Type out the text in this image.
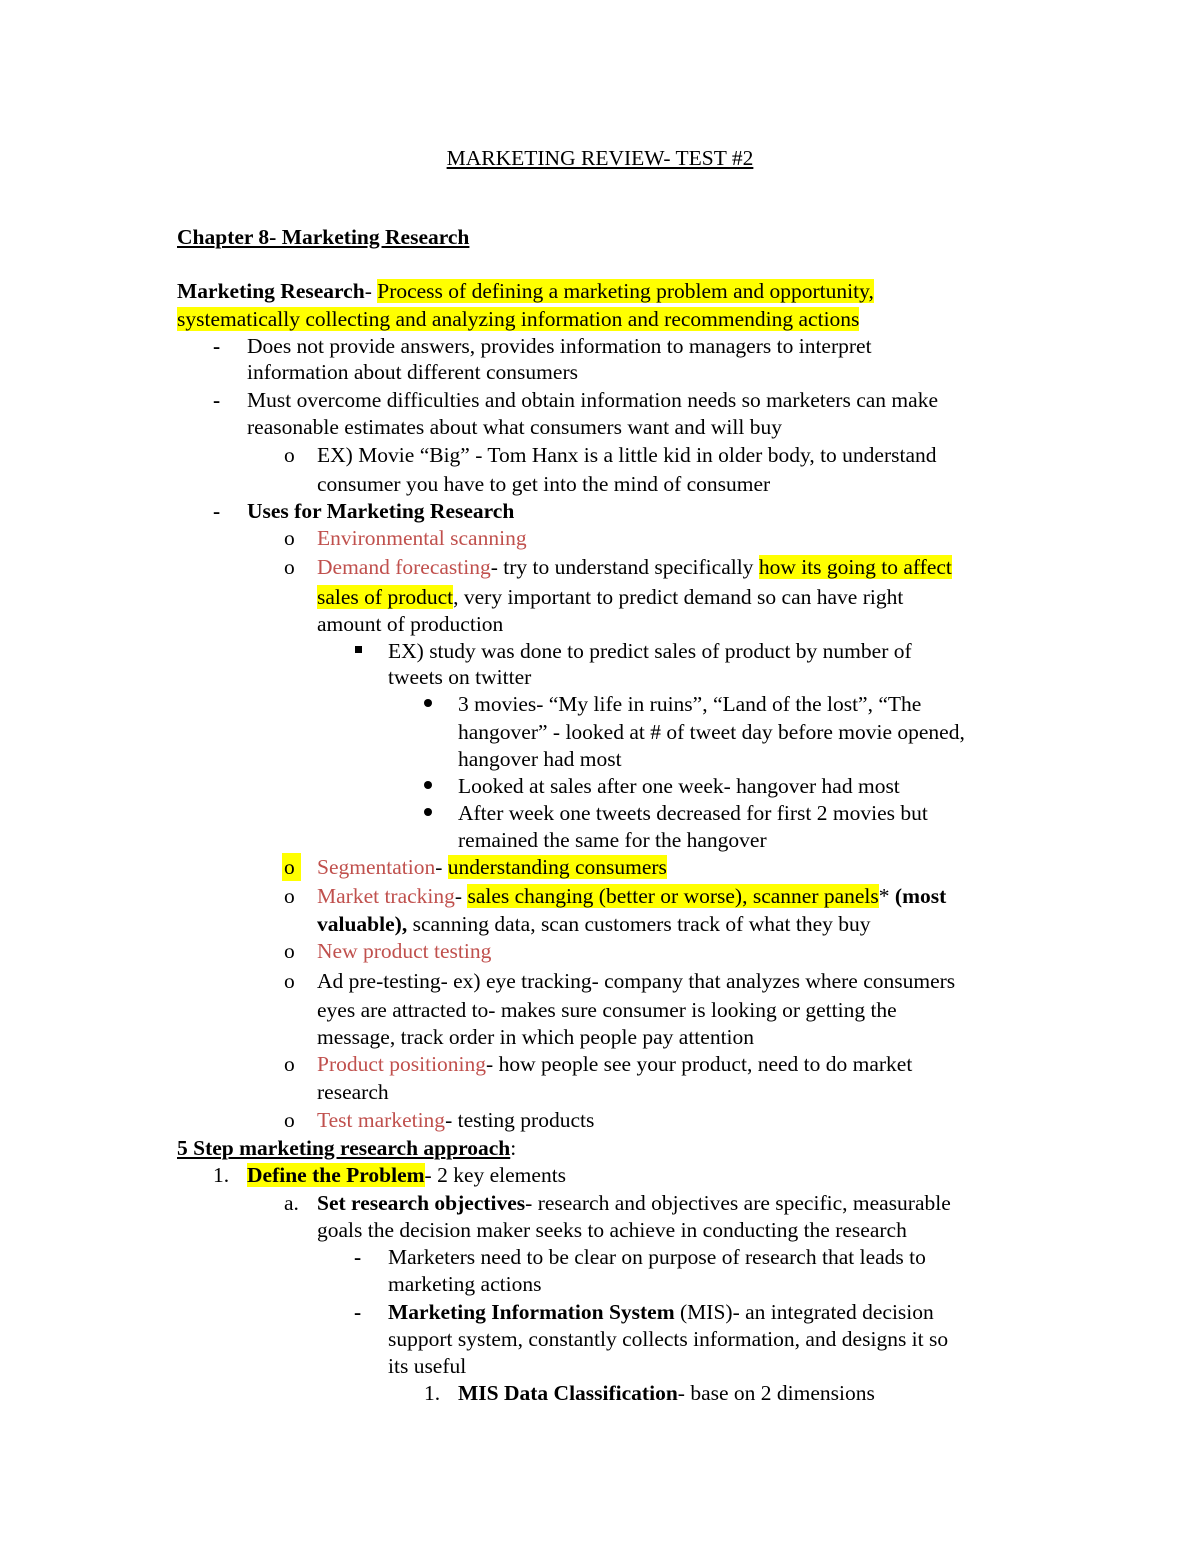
MARKETING REVIEW- TEST #2
Chapter 8- Marketing Research
Marketing Research- Process of defining a marketing problem and opportunity,
systematically collecting and analyzing information and recommending actions
- Does not provide answers, provides information to managers to interpret
information about different consumers
- Must overcome difficulties and obtain information needs so marketers can make
reasonable estimates about what consumers want and will buy
o EX) Movie “Big” - Tom Hanx is a little kid in older body, to understand
consumer you have to get into the mind of consumer
- Uses for Marketing Research
o Environmental scanning
o Demand forecasting- try to understand specifically how its going to affect
sales of product, very important to predict demand so can have right
amount of production
EX) study was done to predict sales of product by number of
tweets on twitter
3 movies- “My life in ruins”, “Land of the lost”, “The
hangover” - looked at # of tweet day before movie opened,
hangover had most
Looked at sales after one week- hangover had most
After week one tweets decreased for first 2 movies but
remained the same for the hangover
o Segmentation- understanding consumers
o Market tracking- sales changing (better or worse), scanner panels* (most
valuable), scanning data, scan customers track of what they buy
o New product testing
o Ad pre-testing- ex) eye tracking- company that analyzes where consumers
eyes are attracted to- makes sure consumer is looking or getting the
message, track order in which people pay attention
o Product positioning- how people see your product, need to do market
research
o Test marketing- testing products
5 Step marketing research approach:
1. Define the Problem- 2 key elements
a. Set research objectives- research and objectives are specific, measurable
goals the decision maker seeks to achieve in conducting the research
- Marketers need to be clear on purpose of research that leads to
marketing actions
- Marketing Information System (MIS)- an integrated decision
support system, constantly collects information, and designs it so
its useful
1. MIS Data Classification- base on 2 dimensions
